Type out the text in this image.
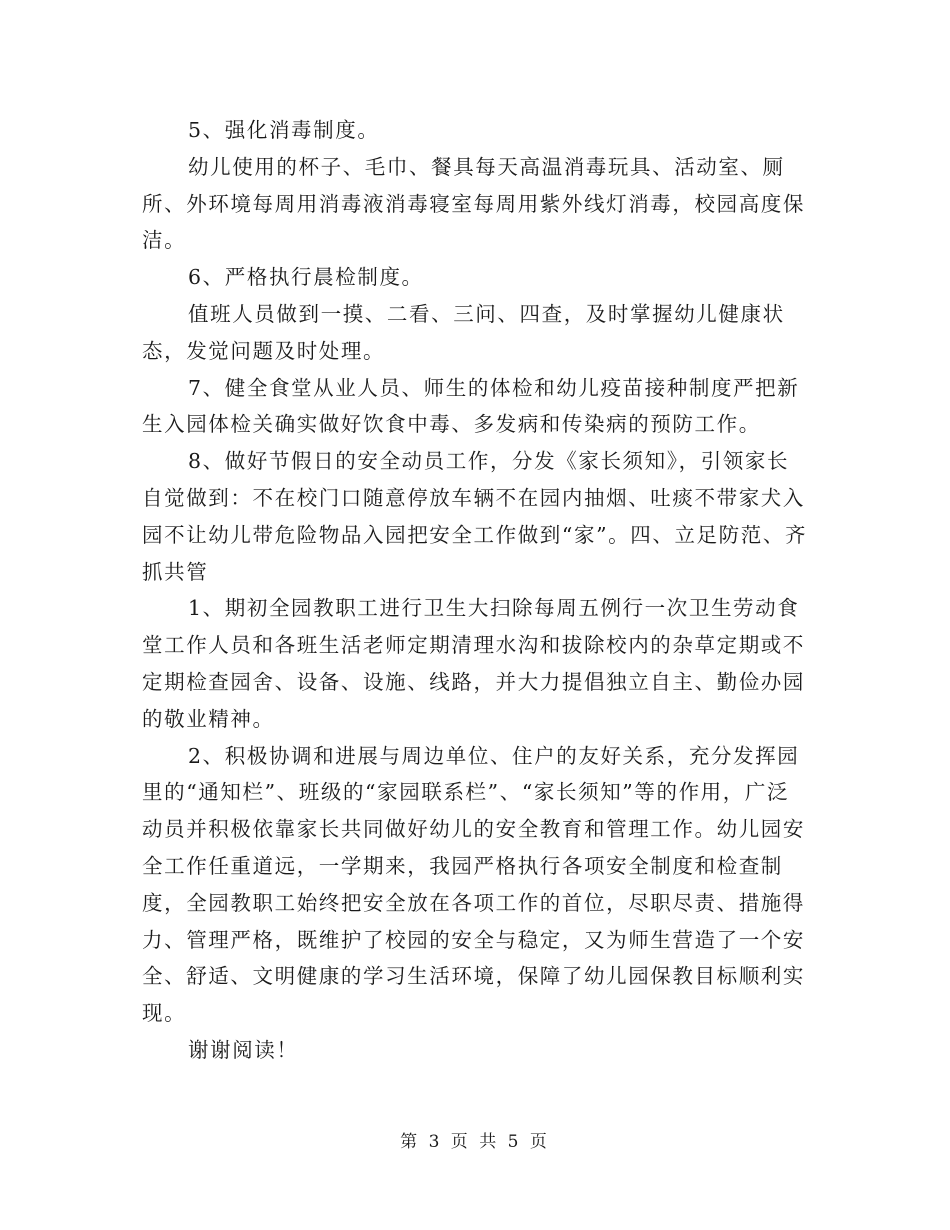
5、强化消毒制度。

幼儿使用的杯子、毛巾、餐具每天高温消毒玩具、活动室、厕所、外环境每周用消毒液消毒寝室每周用紫外线灯消毒，校园高度保洁。

6、严格执行晨检制度。

值班人员做到一摸、二看、三问、四查，及时掌握幼儿健康状态，发觉问题及时处理。

7、健全食堂从业人员、师生的体检和幼儿疫苗接种制度严把新生入园体检关确实做好饮食中毒、多发病和传染病的预防工作。

8、做好节假日的安全动员工作，分发《家长须知》，引领家长自觉做到：不在校门口随意停放车辆不在园内抽烟、吐痰不带家犬入园不让幼儿带危险物品入园把安全工作做到“家”。四、立足防范、齐抓共管

1、期初全园教职工进行卫生大扫除每周五例行一次卫生劳动食堂工作人员和各班生活老师定期清理水沟和拔除校内的杂草定期或不定期检查园舍、设备、设施、线路，并大力提倡独立自主、勤俭办园的敬业精神。

2、积极协调和进展与周边单位、住户的友好关系，充分发挥园里的“通知栏”、班级的“家园联系栏”、“家长须知”等的作用，广泛动员并积极依靠家长共同做好幼儿的安全教育和管理工作。幼儿园安全工作任重道远，一学期来，我园严格执行各项安全制度和检查制度，全园教职工始终把安全放在各项工作的首位，尽职尽责、措施得力、管理严格，既维护了校园的安全与稳定，又为师生营造了一个安全、舒适、文明健康的学习生活环境，保障了幼儿园保教目标顺利实现。

谢谢阅读！

第 3 页 共 5 页
